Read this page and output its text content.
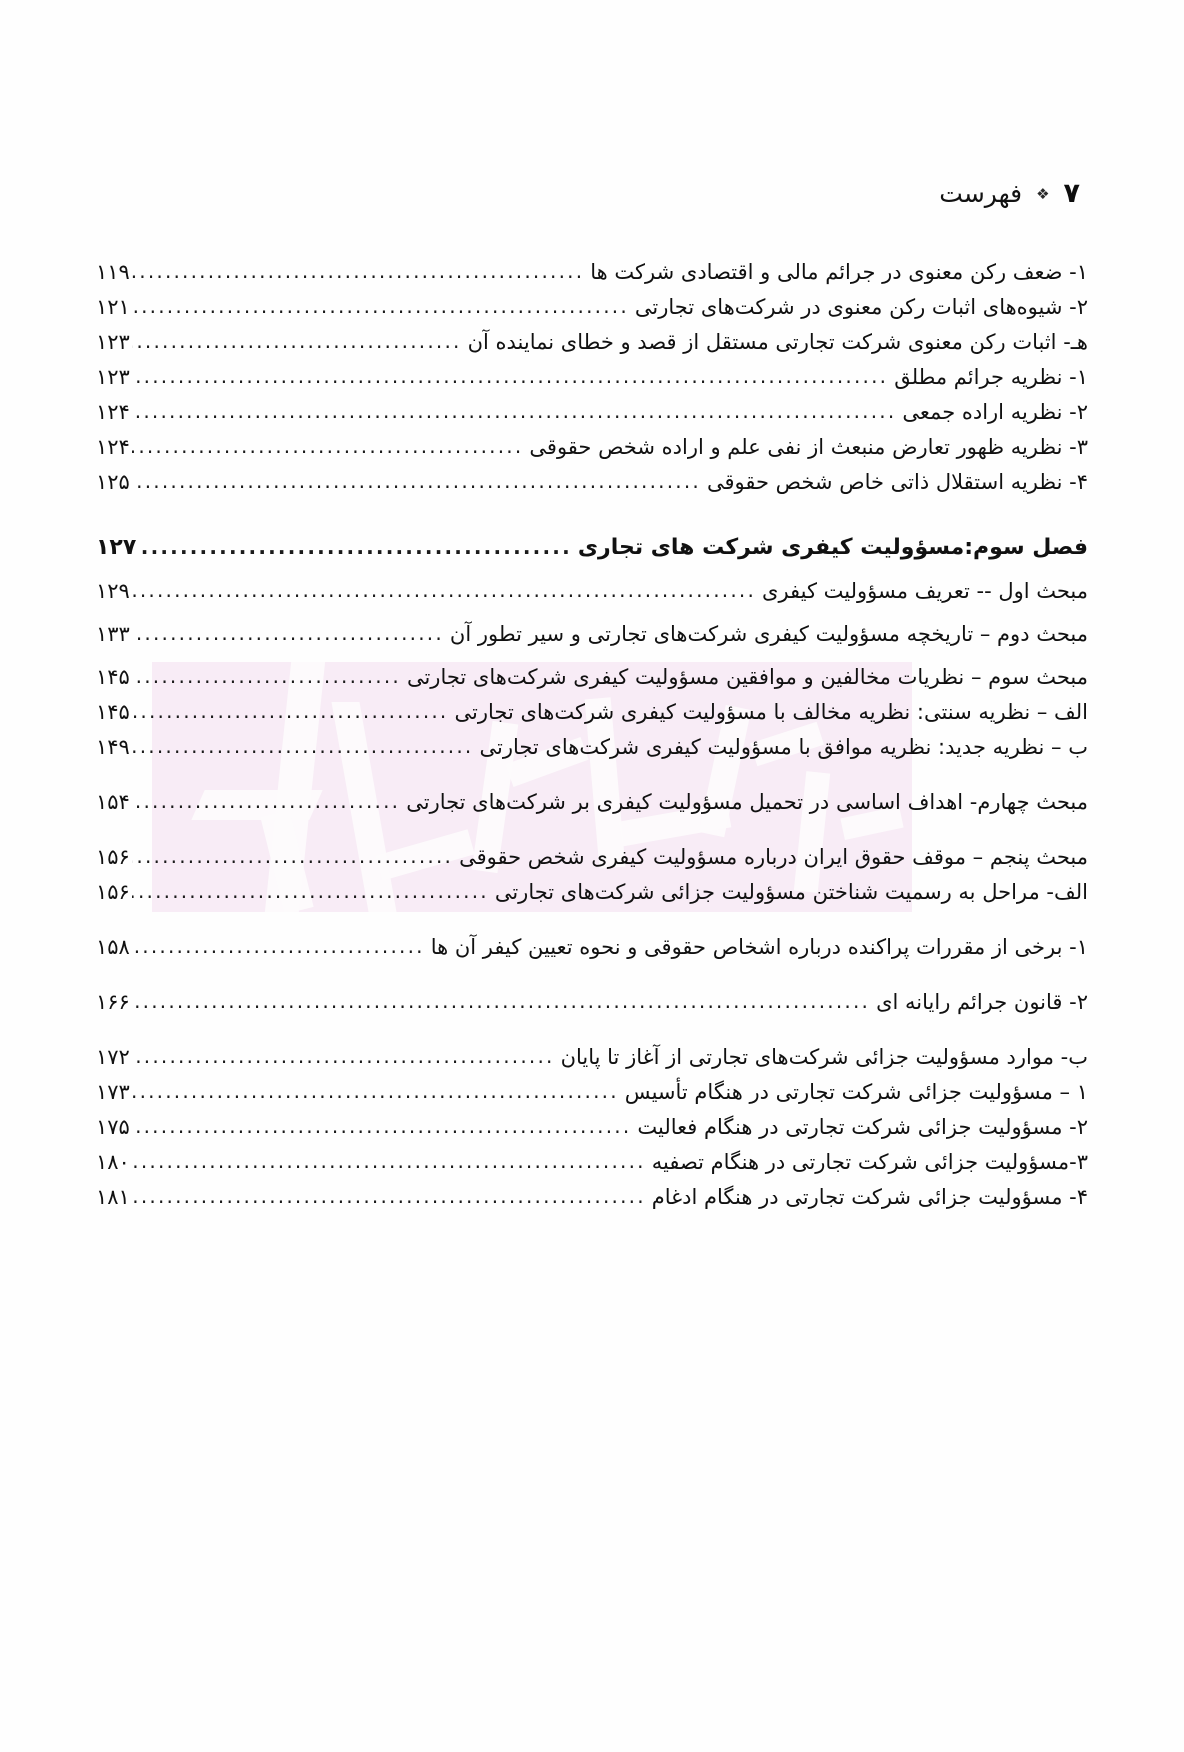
۷
❖
فهرست
۱- ضعف رکن معنوی در جرائم مالی و اقتصادی شرکت ها
.....
۱۱۹
۲- شیوه‌های اثبات رکن معنوی در شرکت‌های تجارتی
.....
۱۲۱
هـ- اثبات رکن معنوی شرکت تجارتی مستقل از قصد و خطای نماینده آن
.....
۱۲۳
۱- نظریه جرائم مطلق
.....
۱۲۳
۲- نظریه اراده جمعی
.....
۱۲۴
۳- نظریه ظهور تعارض منبعث از نفی علم و اراده شخص حقوقی
.....
۱۲۴
۴- نظریه استقلال ذاتی خاص شخص حقوقی
.....
۱۲۵
فصل سوم:مسؤولیت کیفری شرکت های تجاری
.....
۱۲۷
مبحث اول -- تعریف مسؤولیت کیفری
.....
۱۲۹
مبحث دوم – تاریخچه مسؤولیت کیفری شرکت‌های تجارتی و سیر تطور آن
.....
۱۳۳
مبحث سوم – نظریات مخالفین و موافقین مسؤولیت کیفری شرکت‌های تجارتی
.....
۱۴۵
الف – نظریه سنتی: نظریه مخالف با مسؤولیت کیفری شرکت‌های تجارتی
.....
۱۴۵
ب – نظریه جدید: نظریه موافق با مسؤولیت کیفری شرکت‌های تجارتی
.....
۱۴۹
مبحث چهارم- اهداف اساسی در تحمیل مسؤولیت کیفری بر شرکت‌های تجارتی
.....
۱۵۴
مبحث پنجم – موقف حقوق ایران درباره مسؤولیت کیفری شخص حقوقی
.....
۱۵۶
الف- مراحل به رسمیت شناختن مسؤولیت جزائی شرکت‌های تجارتی
.....
۱۵۶
۱- برخی از مقررات پراکنده درباره اشخاص حقوقی و نحوه تعیین کیفر آن ها
.....
۱۵۸
۲- قانون جرائم رایانه ای
.....
۱۶۶
ب- موارد مسؤولیت جزائی شرکت‌های تجارتی از آغاز تا پایان
.....
۱۷۲
۱ – مسؤولیت جزائی شرکت تجارتی در هنگام تأسیس
.....
۱۷۳
۲- مسؤولیت جزائی شرکت تجارتی در هنگام فعالیت
.....
۱۷۵
۳-مسؤولیت جزائی شرکت تجارتی در هنگام تصفیه
.....
۱۸۰
۴- مسؤولیت جزائی شرکت تجارتی در هنگام ادغام
.....
۱۸۱
